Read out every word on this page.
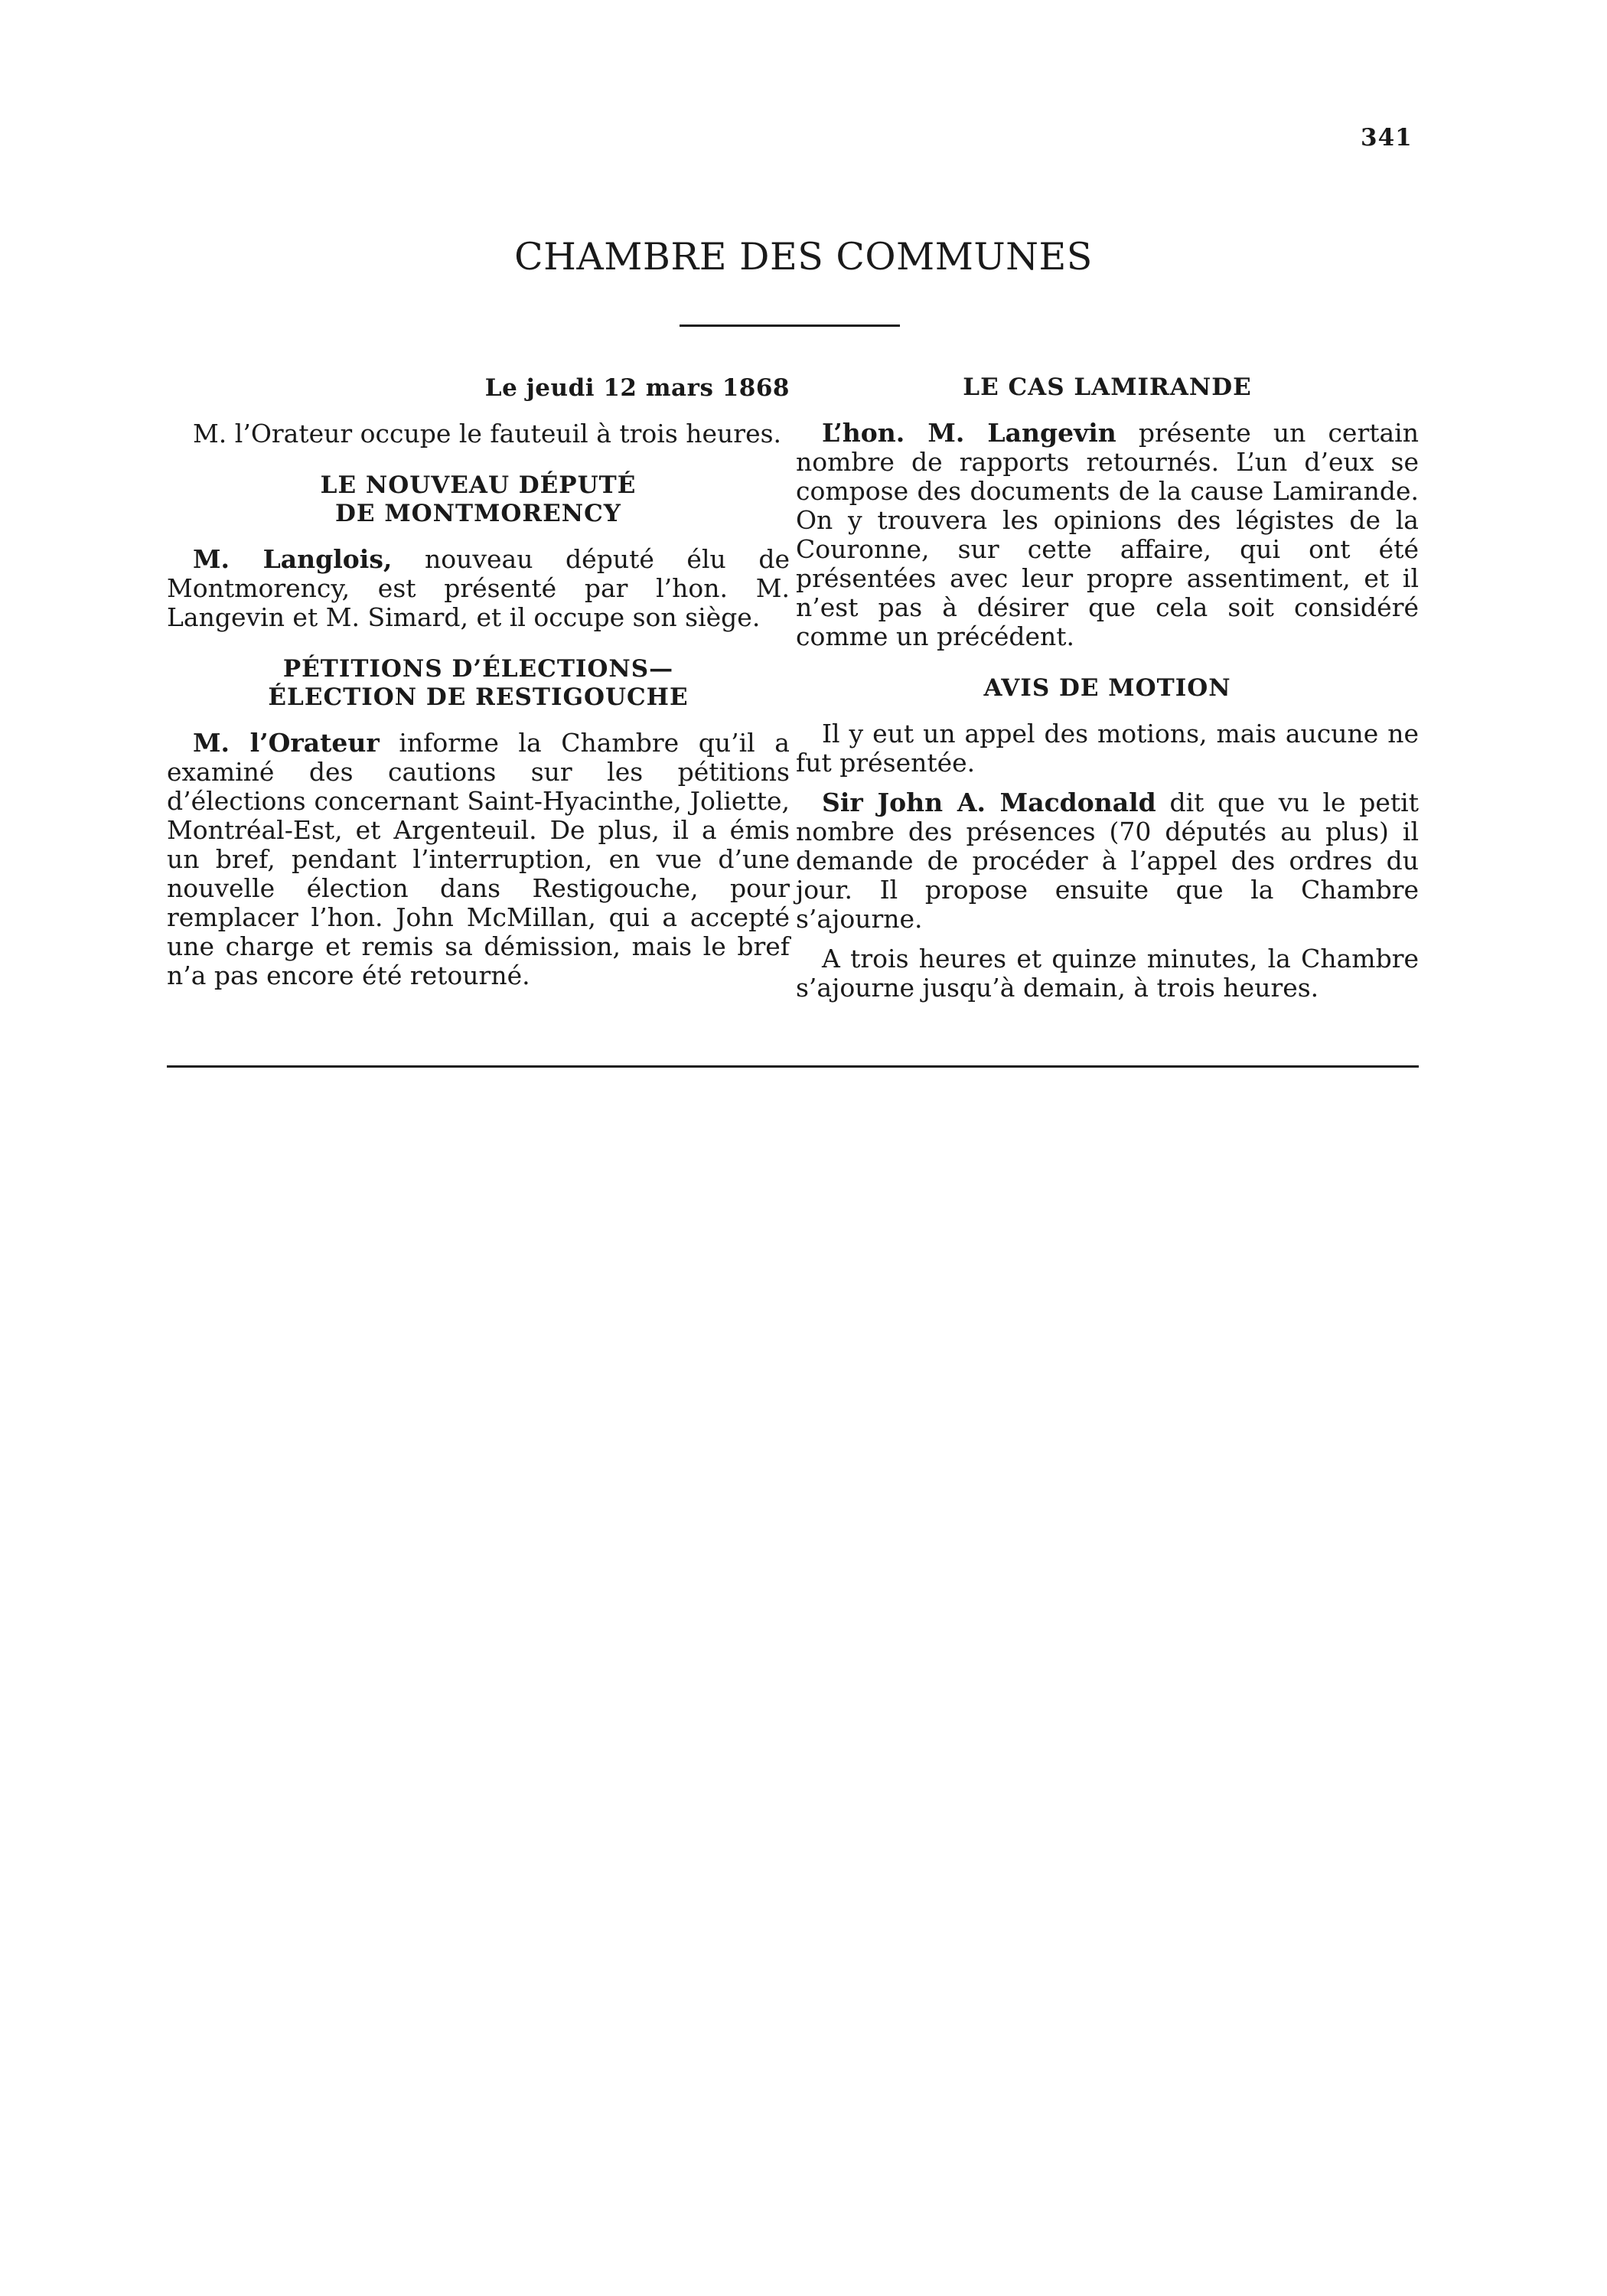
341
CHAMBRE DES COMMUNES
Le jeudi 12 mars 1868

M. l’Orateur occupe le fauteuil à trois heures.

LE NOUVEAU DÉPUTÉ
DE MONTMORENCY

M. Langlois, nouveau député élu de Montmorency, est présenté par l’hon. M. Langevin et M. Simard, et il occupe son siège.

PÉTITIONS D’ÉLECTIONS—
ÉLECTION DE RESTIGOUCHE

M. l’Orateur informe la Chambre qu’il a examiné des cautions sur les pétitions d’élections concernant Saint-Hyacinthe, Joliette, Montréal-Est, et Argenteuil. De plus, il a émis un bref, pendant l’interruption, en vue d’une nouvelle élection dans Restigouche, pour remplacer l’hon. John McMillan, qui a accepté une charge et remis sa démission, mais le bref n’a pas encore été retourné.

LE CAS LAMIRANDE

L’hon. M. Langevin présente un certain nombre de rapports retournés. L’un d’eux se compose des documents de la cause Lamirande. On y trouvera les opinions des légistes de la Couronne, sur cette affaire, qui ont été présentées avec leur propre assentiment, et il n’est pas à désirer que cela soit considéré comme un précédent.

AVIS DE MOTION

Il y eut un appel des motions, mais aucune ne fut présentée.

Sir John A. Macdonald dit que vu le petit nombre des présences (70 députés au plus) il demande de procéder à l’appel des ordres du jour. Il propose ensuite que la Chambre s’ajourne.

A trois heures et quinze minutes, la Chambre s’ajourne jusqu’à demain, à trois heures.
